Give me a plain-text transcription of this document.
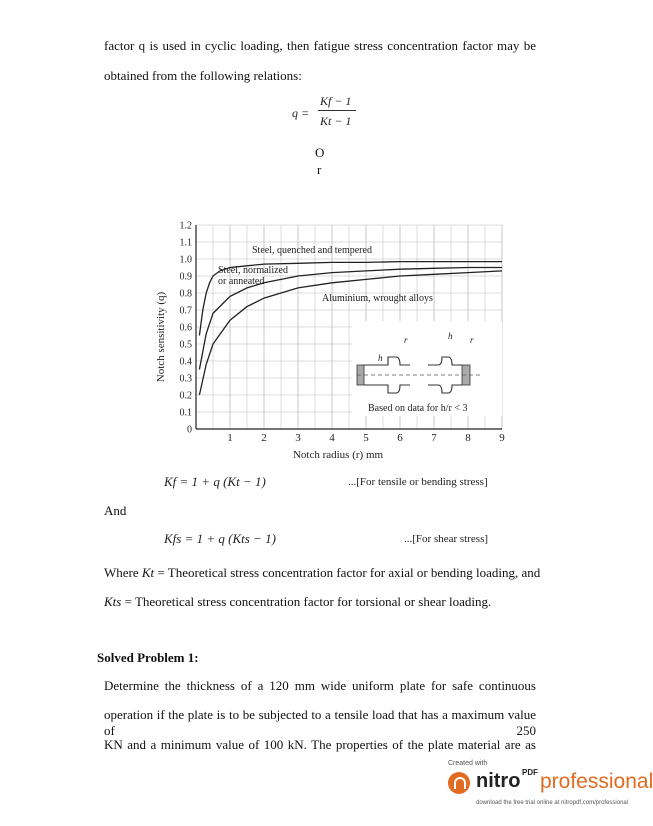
factor q is used in cyclic loading, then fatigue stress concentration factor may be
obtained from the following relations:
q =
Kf − 1
Kt − 1
O
r
0
0.1
0.2
0.3
0.4
0.5
0.6
0.7
0.8
0.9
1.0
1.1
1.2
1	2	3	4	5	6	7	8	9
h
h
r	r
Based on data for h/r < 3
Steel, quenched and tempered
Steel, normalized
or anneated
Aluminium, wrought alloys
Notch radius (r) mm
Notch sensitivity (q)
Kf = 1 + q (Kt − 1)	...[For tensile or bending stress]
And
Kfs = 1 + q (Kts − 1)	...[For shear stress]
Where Kt = Theoretical stress concentration factor for axial or bending loading, and
Kts = Theoretical stress concentration factor for torsional or shear loading.
Solved Problem 1:
Determine the thickness of a 120 mm wide uniform plate for safe continuous
operation if the plate is to be subjected to a tensile load that has a maximum value of 250
KN and a minimum value of 100 kN. The properties of the plate material are as
Created with
nitro PDF professional
download the free trial online at nitropdf.com/professional
